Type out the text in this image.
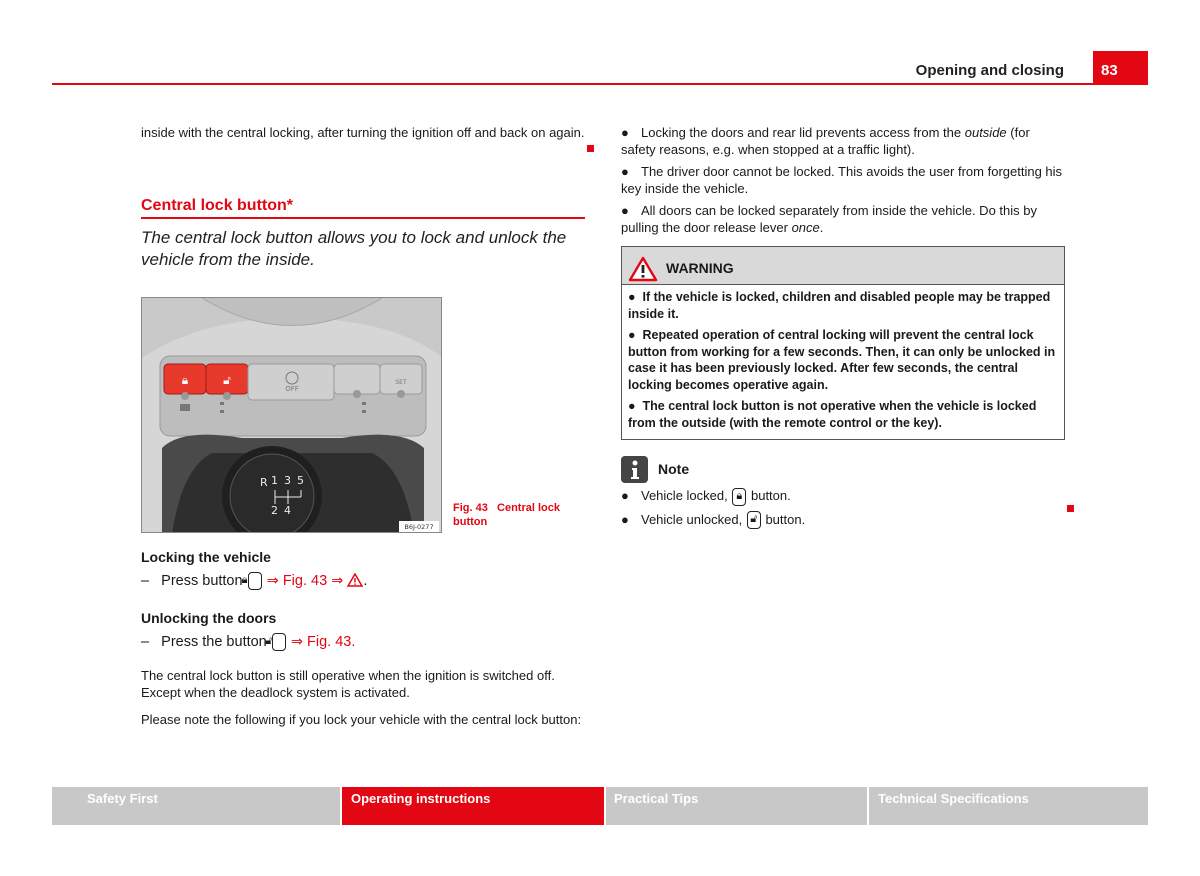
Opening and closing	83

inside with the central locking, after turning the ignition off and back on again.

Central lock button*
The central lock button allows you to lock and unlock the vehicle from the inside.
🔒︎	🔓︎
OFF
SET
R 1 3 5
2 4
B6J-0277
Fig. 43 Central lock button
Locking the vehicle
–   Press button 🔒︎ ⇒ Fig. 43 ⇒ .
Unlocking the doors
–   Press the button 🔓︎ ⇒ Fig. 43.

The central lock button is still operative when the ignition is switched off. Except when the deadlock system is activated.

Please note the following if you lock your vehicle with the central lock button:

● Locking the doors and rear lid prevents access from the outside (for safety reasons, e.g. when stopped at a traffic light).
● The driver door cannot be locked. This avoids the user from forgetting his key inside the vehicle.
● All doors can be locked separately from inside the vehicle. Do this by pulling the door release lever once.
WARNING

●  If the vehicle is locked, children and disabled people may be trapped inside it.

●  Repeated operation of central locking will prevent the central lock button from working for a few seconds. Then, it can only be unlocked in case it has been previously locked. After few seconds, the central locking becomes operative again.

●  The central lock button is not operative when the vehicle is locked from the outside (with the remote control or the key).

Note
● Vehicle locked, 🔒︎ button.
● Vehicle unlocked, 🔓︎ button.
Safety First	Operating instructions	Practical Tips	Technical Specifications
